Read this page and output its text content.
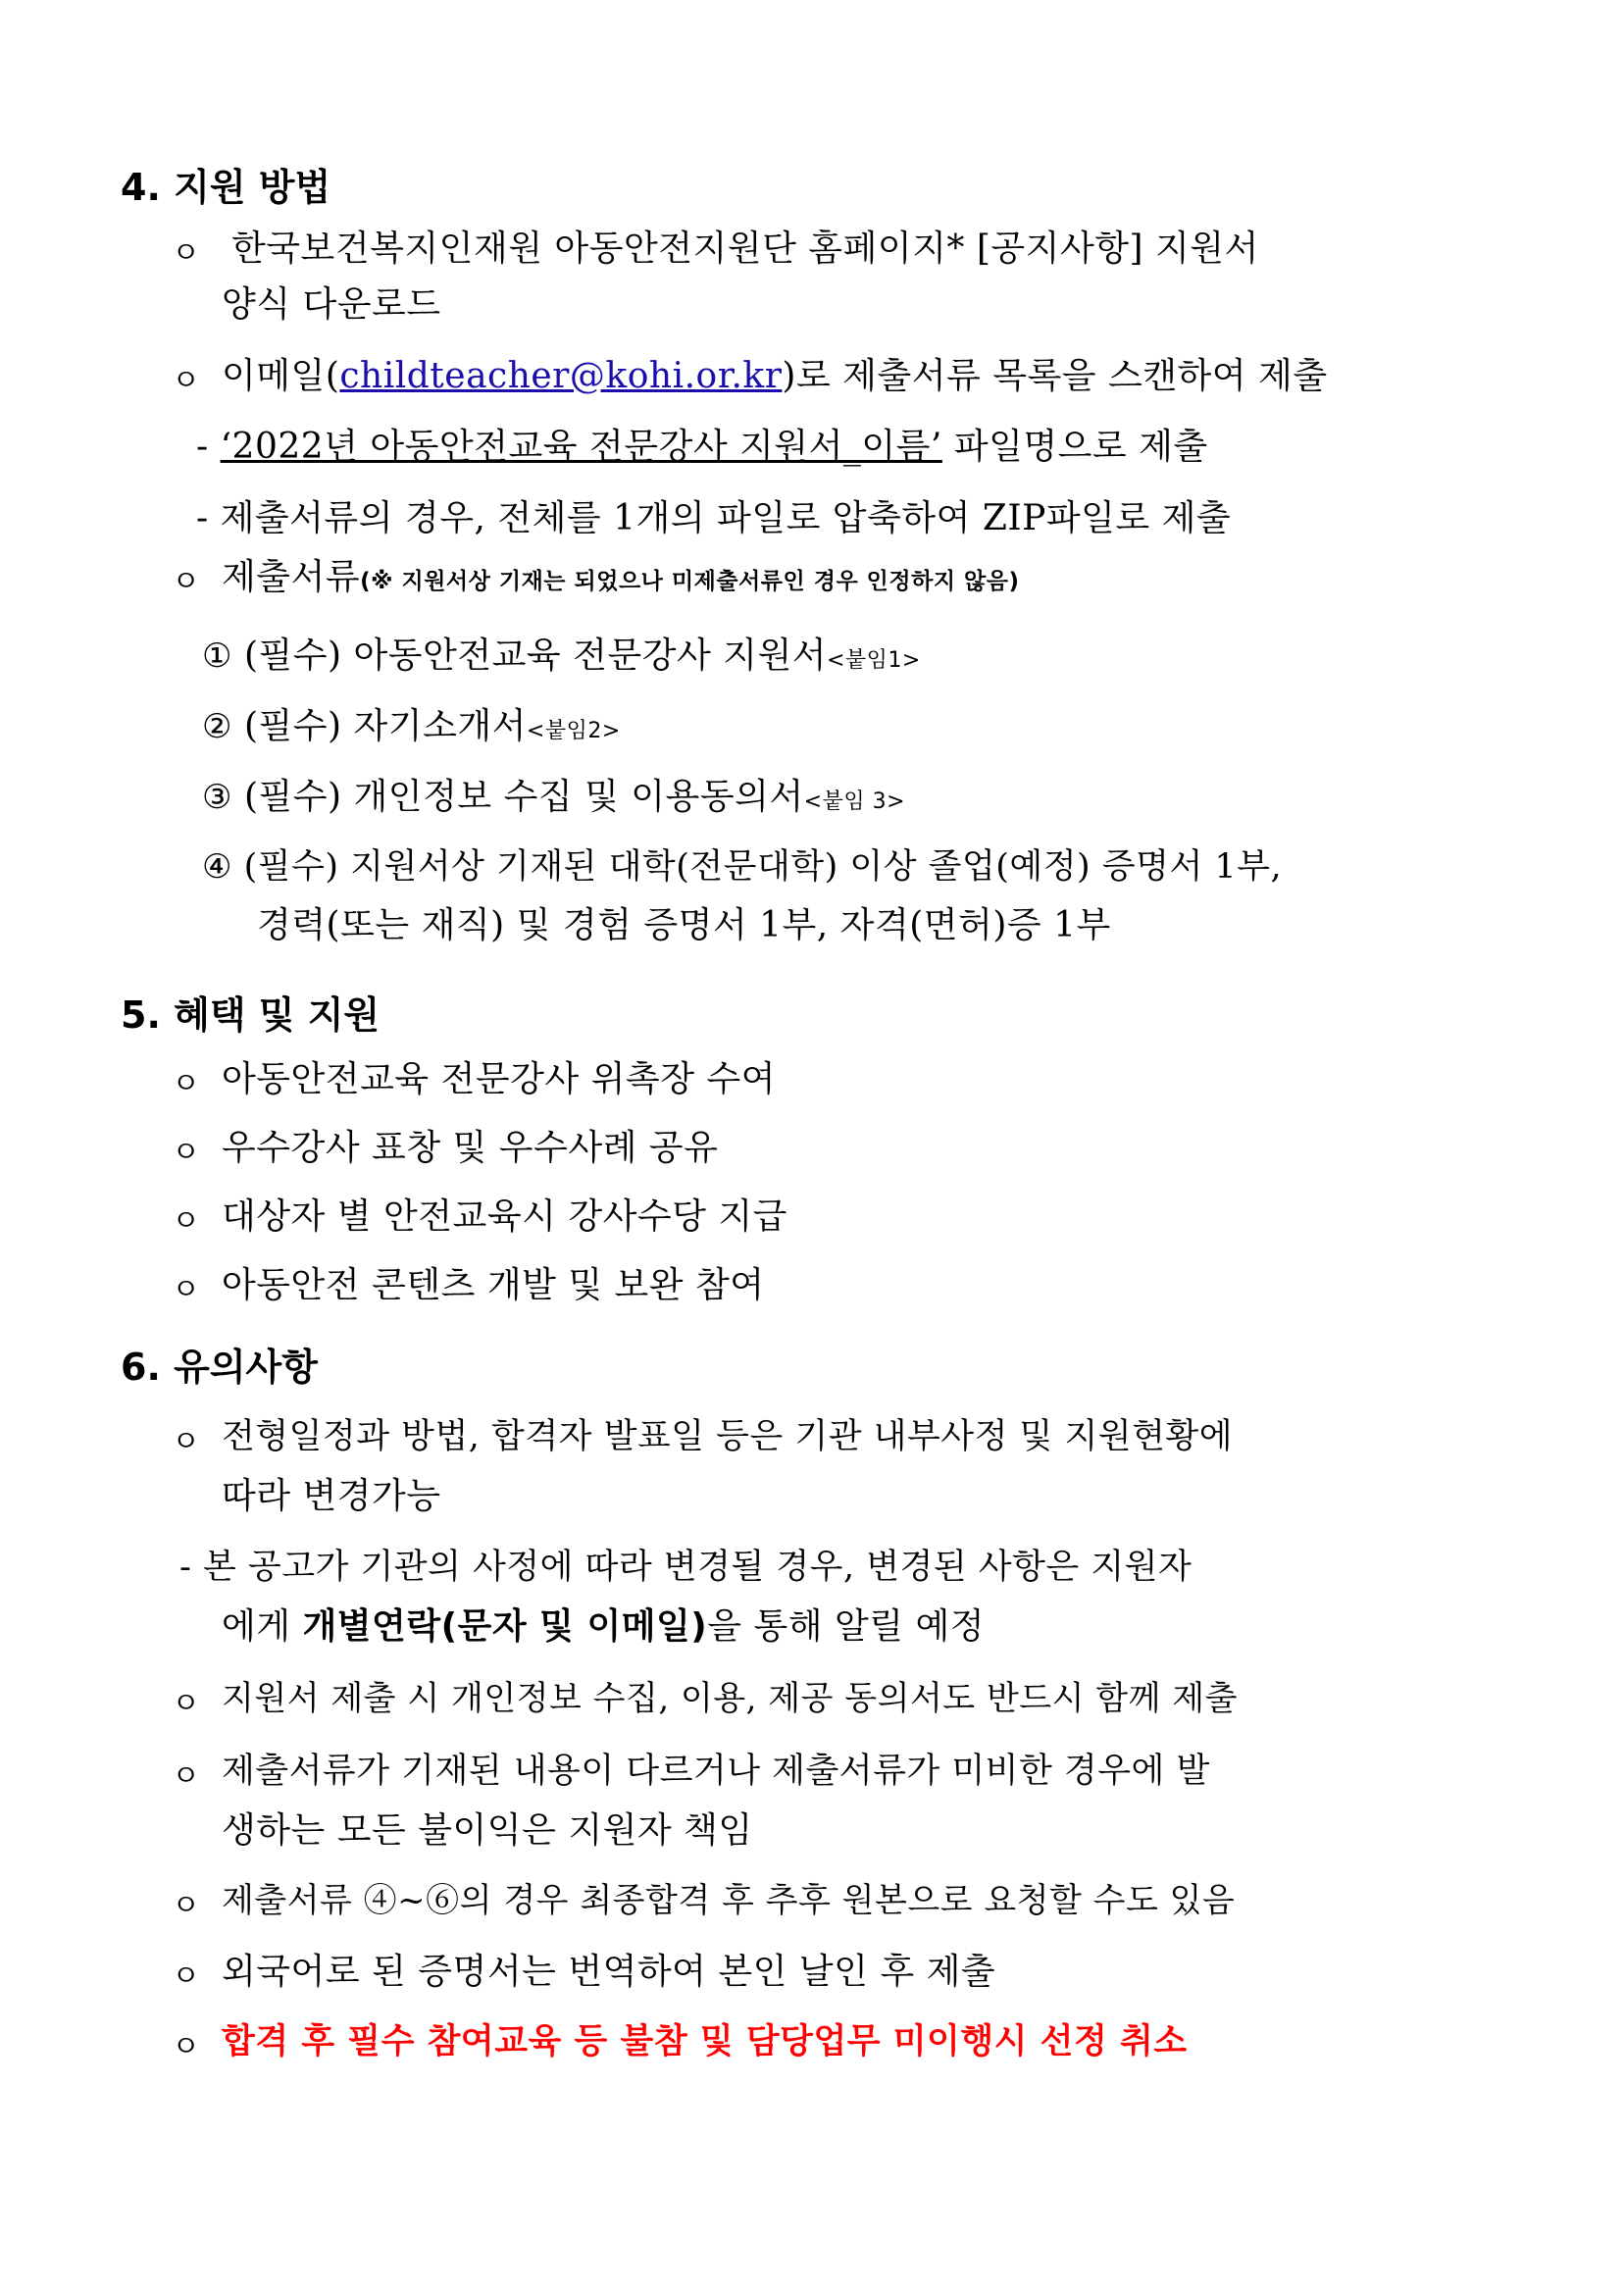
4. 지원 방법
ㅇ 한국보건복지인재원 아동안전지원단 홈페이지* [공지사항] 지원서
양식 다운로드
ㅇ 이메일(childteacher@kohi.or.kr)로 제출서류 목록을 스캔하여 제출
- ‘2022년 아동안전교육 전문강사 지원서_이름’ 파일명으로 제출
- 제출서류의 경우, 전체를 1개의 파일로 압축하여 ZIP파일로 제출
ㅇ 제출서류(※ 지원서상 기재는 되었으나 미제출서류인 경우 인정하지 않음)
① (필수) 아동안전교육 전문강사 지원서<붙임1>
② (필수) 자기소개서<붙임2>
③ (필수) 개인정보 수집 및 이용동의서<붙임 3>
④ (필수) 지원서상 기재된 대학(전문대학) 이상 졸업(예정) 증명서 1부,
경력(또는 재직) 및 경험 증명서 1부, 자격(면허)증 1부
5. 혜택 및 지원
ㅇ 아동안전교육 전문강사 위촉장 수여
ㅇ 우수강사 표창 및 우수사례 공유
ㅇ 대상자 별 안전교육시 강사수당 지급
ㅇ 아동안전 콘텐츠 개발 및 보완 참여
6. 유의사항
ㅇ 전형일정과 방법, 합격자 발표일 등은 기관 내부사정 및 지원현황에
따라 변경가능
- 본 공고가 기관의 사정에 따라 변경될 경우, 변경된 사항은 지원자
에게 개별연락(문자 및 이메일)을 통해 알릴 예정
ㅇ 지원서 제출 시 개인정보 수집, 이용, 제공 동의서도 반드시 함께 제출
ㅇ 제출서류가 기재된 내용이 다르거나 제출서류가 미비한 경우에 발
생하는 모든 불이익은 지원자 책임
ㅇ 제출서류 ④~⑥의 경우 최종합격 후 추후 원본으로 요청할 수도 있음
ㅇ 외국어로 된 증명서는 번역하여 본인 날인 후 제출
ㅇ 합격 후 필수 참여교육 등 불참 및 담당업무 미이행시 선정 취소
